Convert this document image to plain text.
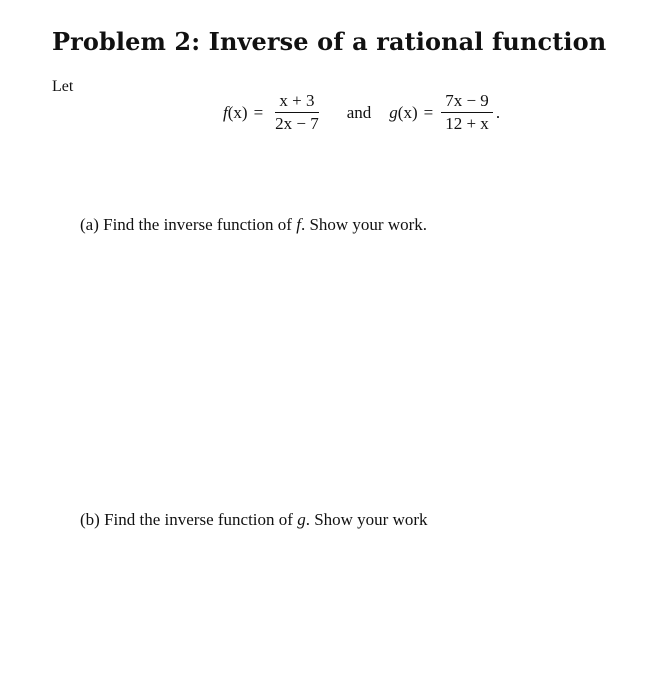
Problem 2: Inverse of a rational function
Let
f $(x) = \frac{x + 3}{2x - 7}$ and g $(x) = \frac{7x - 9}{12 + x}$ .
(a) Find the inverse function of f. Show your work.
(b) Find the inverse function of g. Show your work
